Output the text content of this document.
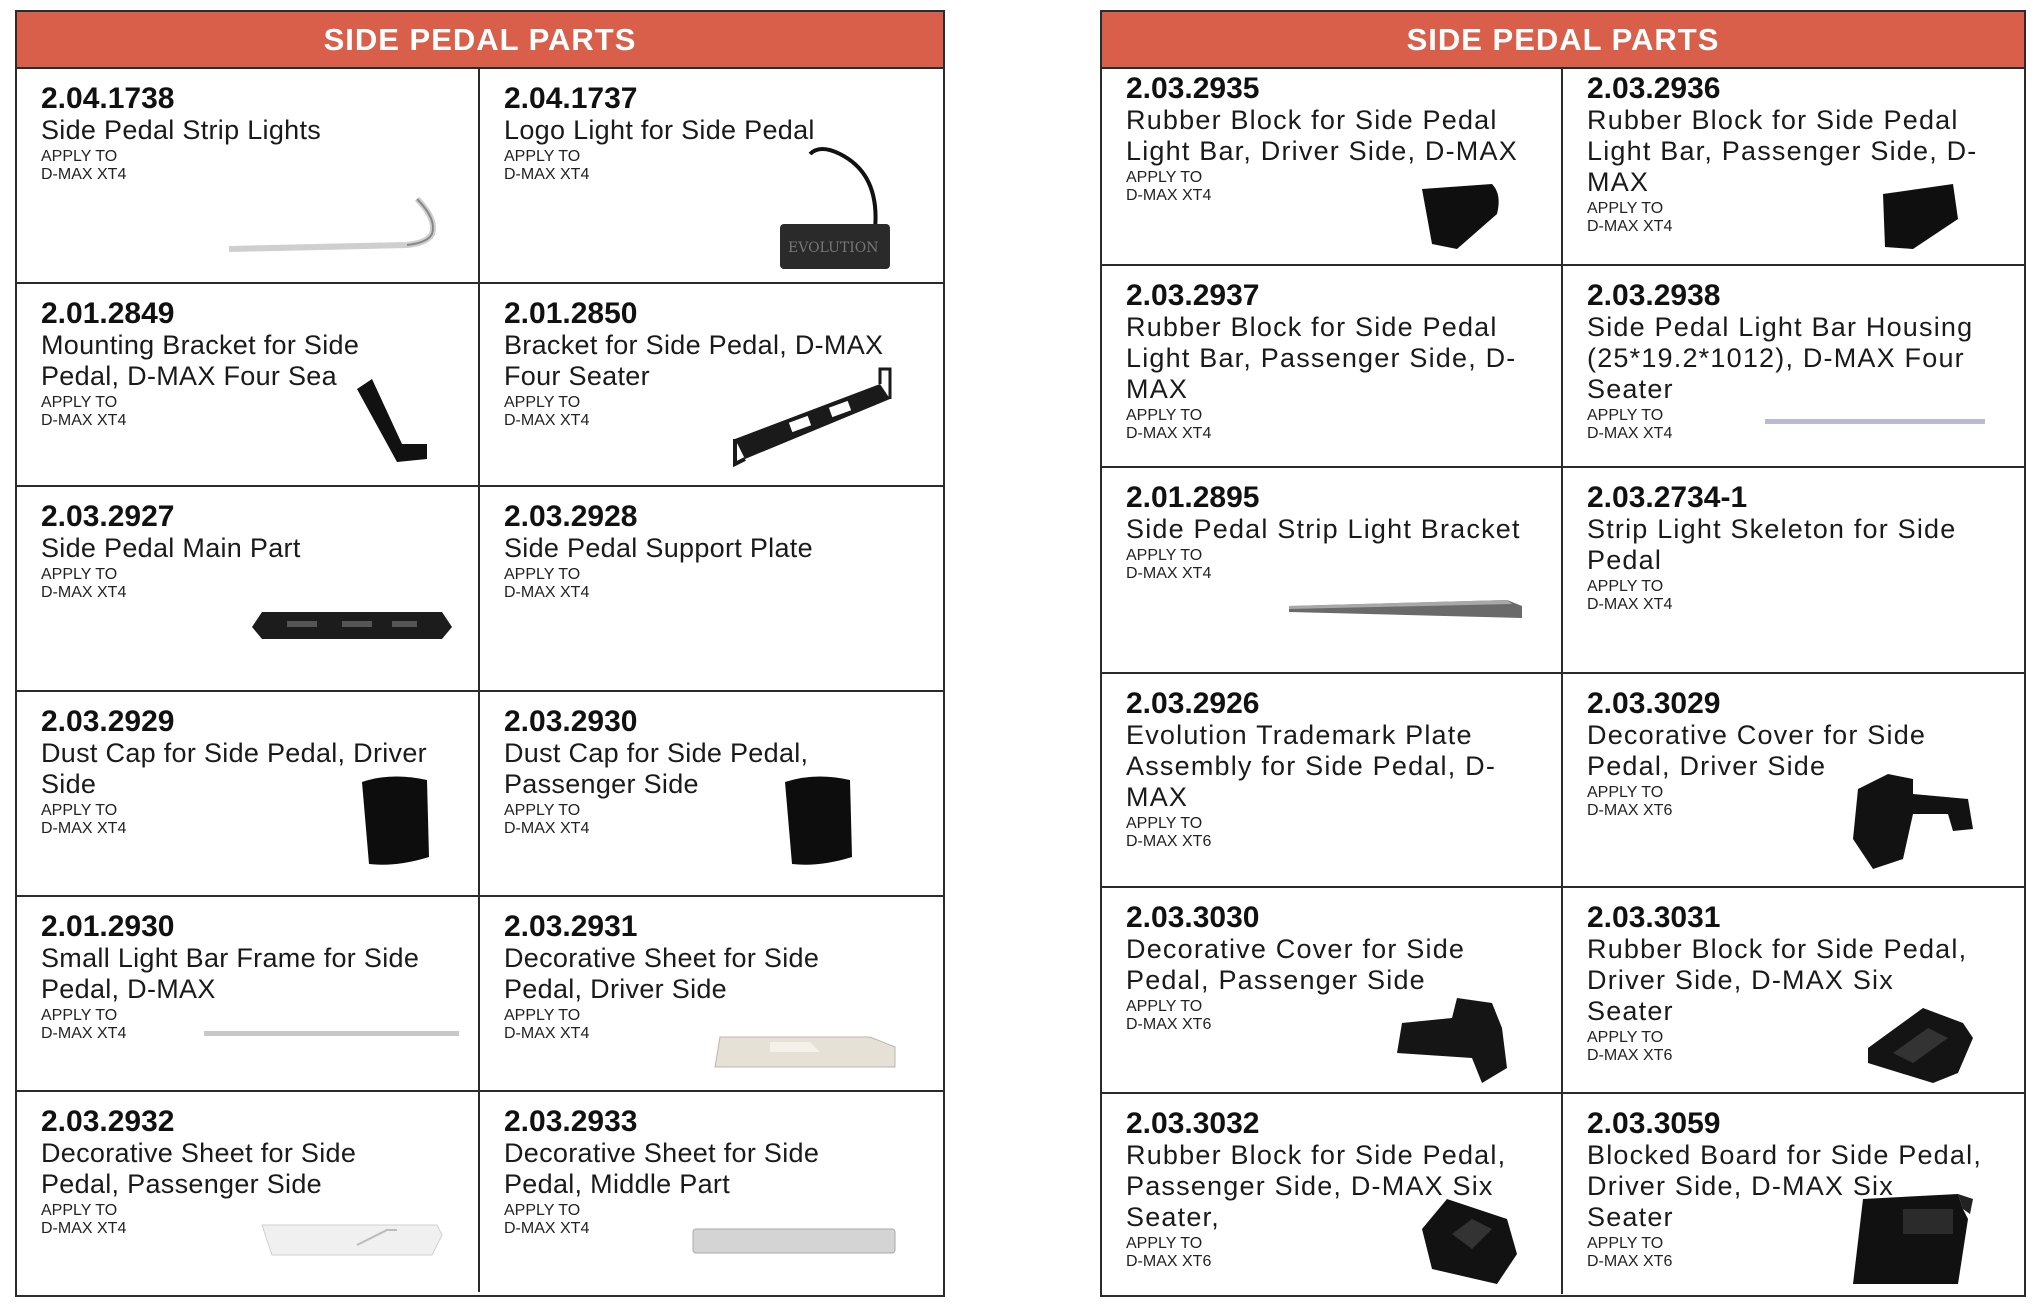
SIDE PEDAL PARTS
2.04.1738
Side Pedal Strip Lights
APPLY TO
D-MAX XT4
2.04.1737
Logo Light for Side Pedal
APPLY TO
D-MAX XT4
EVOLUTION
2.01.2849
Mounting Bracket for Side Pedal, D-MAX Four Sea
APPLY TO
D-MAX XT4
2.01.2850
Bracket for Side Pedal, D-MAX Four Seater
APPLY TO
D-MAX XT4
2.03.2927
Side Pedal Main Part
APPLY TO
D-MAX XT4
2.03.2928
Side Pedal Support Plate
APPLY TO
D-MAX XT4
2.03.2929
Dust Cap for Side Pedal, Driver Side
APPLY TO
D-MAX XT4
2.03.2930
Dust Cap for Side Pedal, Passenger Side
APPLY TO
D-MAX XT4
2.01.2930
Small Light Bar Frame for Side Pedal, D-MAX
APPLY TO
D-MAX XT4
2.03.2931
Decorative Sheet for Side Pedal, Driver Side
APPLY TO
D-MAX XT4
2.03.2932
Decorative Sheet for Side Pedal, Passenger Side
APPLY TO
D-MAX XT4
2.03.2933
Decorative Sheet for Side Pedal, Middle Part
APPLY TO
D-MAX XT4
SIDE PEDAL PARTS
2.03.2935
Rubber Block for Side Pedal Light Bar, Driver Side, D-MAX
APPLY TO
D-MAX XT4
2.03.2936
Rubber Block for Side Pedal Light Bar, Passenger Side, D-MAX
APPLY TO
D-MAX XT4
2.03.2937
Rubber Block for Side Pedal Light Bar, Passenger Side, D-MAX
APPLY TO
D-MAX XT4
2.03.2938
Side Pedal Light Bar Housing (25*19.2*1012), D-MAX Four Seater
APPLY TO
D-MAX XT4
2.01.2895
Side Pedal Strip Light Bracket
APPLY TO
D-MAX XT4
2.03.2734-1
Strip Light Skeleton for Side Pedal
APPLY TO
D-MAX XT4
2.03.2926
Evolution Trademark Plate Assembly for Side Pedal, D-MAX
APPLY TO
D-MAX XT6
2.03.3029
Decorative Cover for Side Pedal, Driver Side
APPLY TO
D-MAX XT6
2.03.3030
Decorative Cover for Side Pedal, Passenger Side
APPLY TO
D-MAX XT6
2.03.3031
Rubber Block for Side Pedal, Driver Side, D-MAX Six Seater
APPLY TO
D-MAX XT6
2.03.3032
Rubber Block for Side Pedal, Passenger Side, D-MAX Six Seater,
APPLY TO
D-MAX XT6
2.03.3059
Blocked Board for Side Pedal, Driver Side, D-MAX Six Seater
APPLY TO
D-MAX XT6
